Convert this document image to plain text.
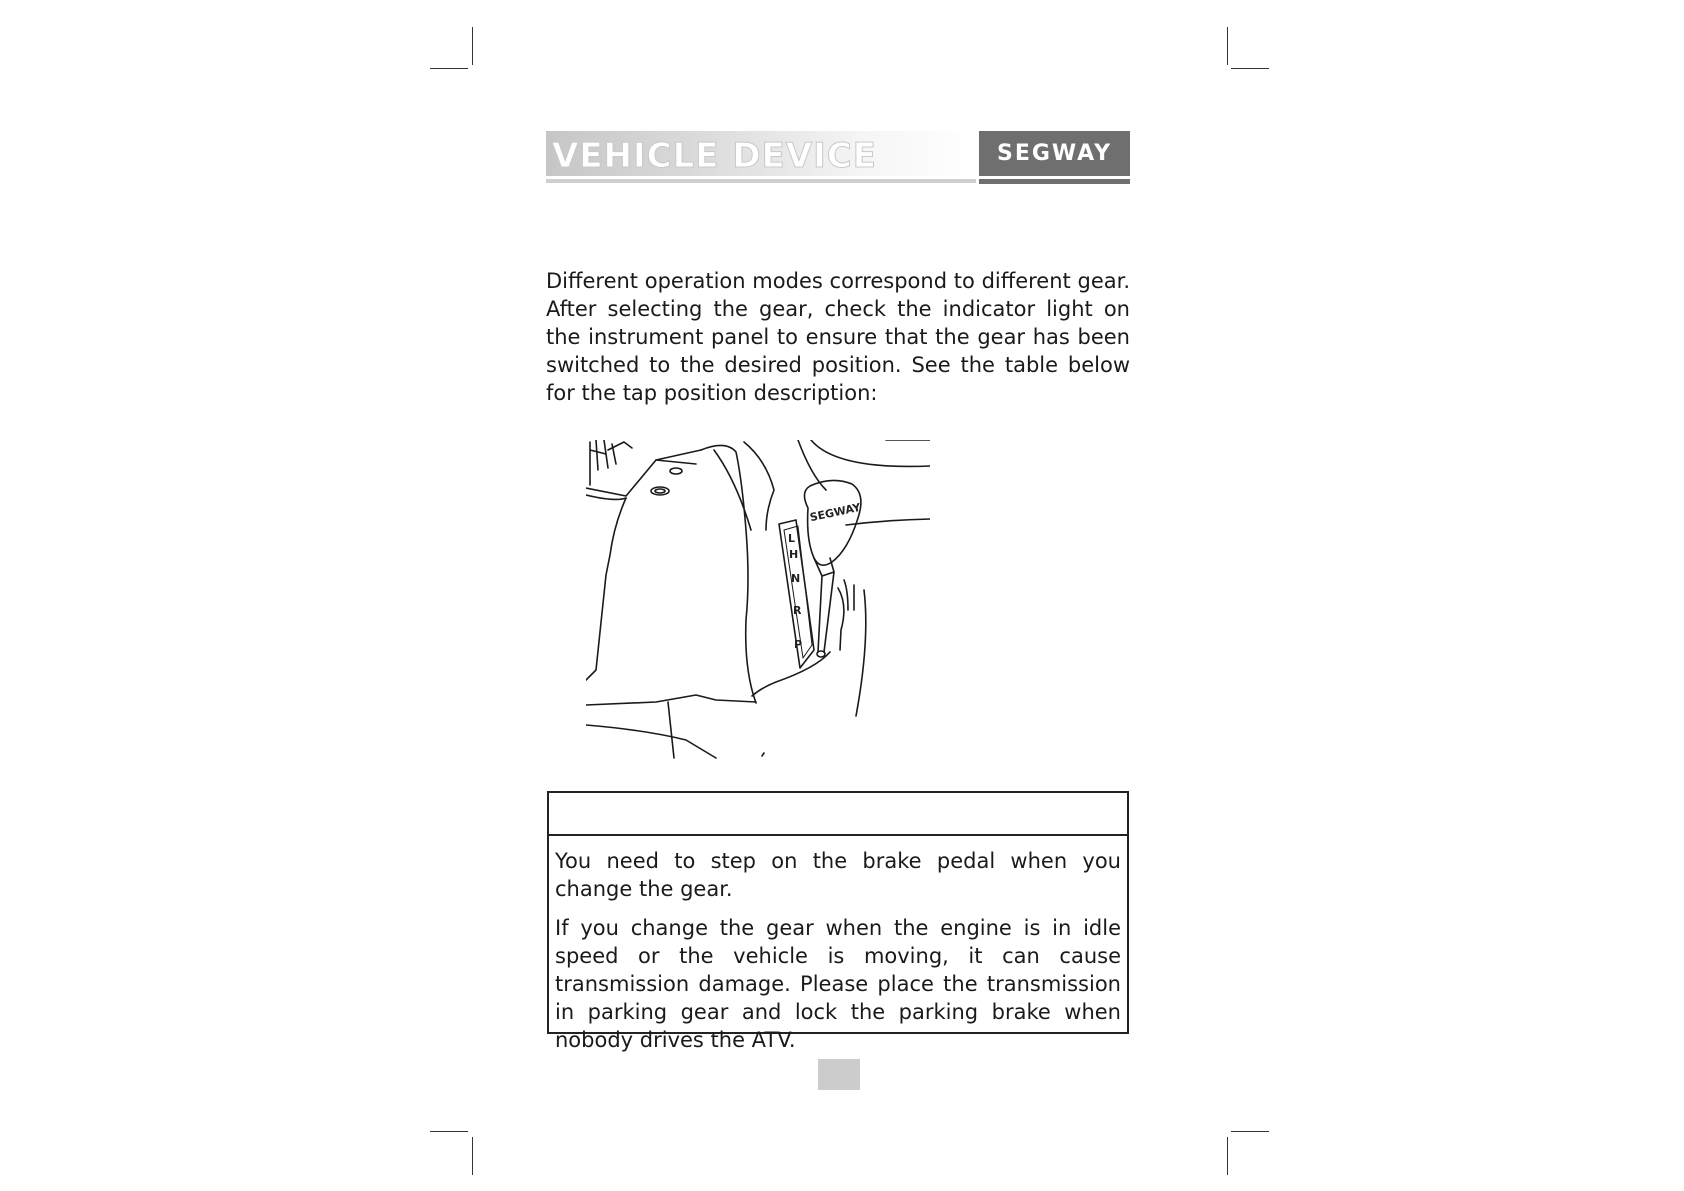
VEHICLE DEVICE	SEGWAY

Different operation modes correspond to different gear. After selecting the gear, check the indicator light on the instrument panel to ensure that the gear has been switched to the desired position. See the table below for the tap position description:

SEGWAY
L
H
N
R
P

You need to step on the brake pedal when you change the gear.

If you change the gear when the engine is in idle speed or the vehicle is moving, it can cause transmission damage. Please place the transmission in parking gear and lock the parking brake when nobody drives the ATV.
